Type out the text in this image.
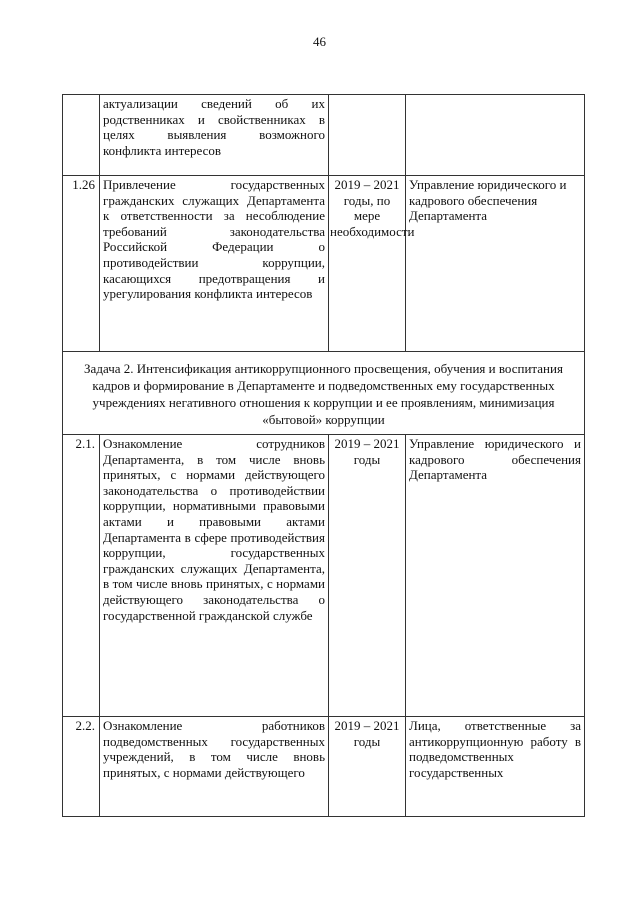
46
	актуализации сведений об их родственниках и свойственниках в целях выявления возможного конфликта интересов		
1.26	Привлечение государственных гражданских служащих Департамента к ответственности за несоблюдение требований законодательства Российской Федерации о противодействии коррупции, касающихся предотвращения и урегулирования конфликта интересов	2019 – 2021 годы, по мере необходимости	Управление юридического и кадрового обеспечения Департамента
Задача 2. Интенсификация антикоррупционного просвещения, обучения и воспитания кадров и формирование в Департаменте и подведомственных ему государственных учреждениях негативного отношения к коррупции и ее проявлениям, минимизация «бытовой» коррупции			
2.1.	Ознакомление сотрудников Департамента, в том числе вновь принятых, с нормами действующего законодательства о противодействии коррупции, нормативными правовыми актами и правовыми актами Департамента в сфере противодействия коррупции, государственных гражданских служащих Департамента, в том числе вновь принятых, с нормами действующего законодательства о государственной гражданской службе	2019 – 2021 годы	Управление юридического и кадрового обеспечения Департамента
2.2.	Ознакомление работников подведомственных государственных учреждений, в том числе вновь принятых, с нормами действующего	2019 – 2021 годы	Лица, ответственные за антикоррупционную работу в подведомственных государственных
